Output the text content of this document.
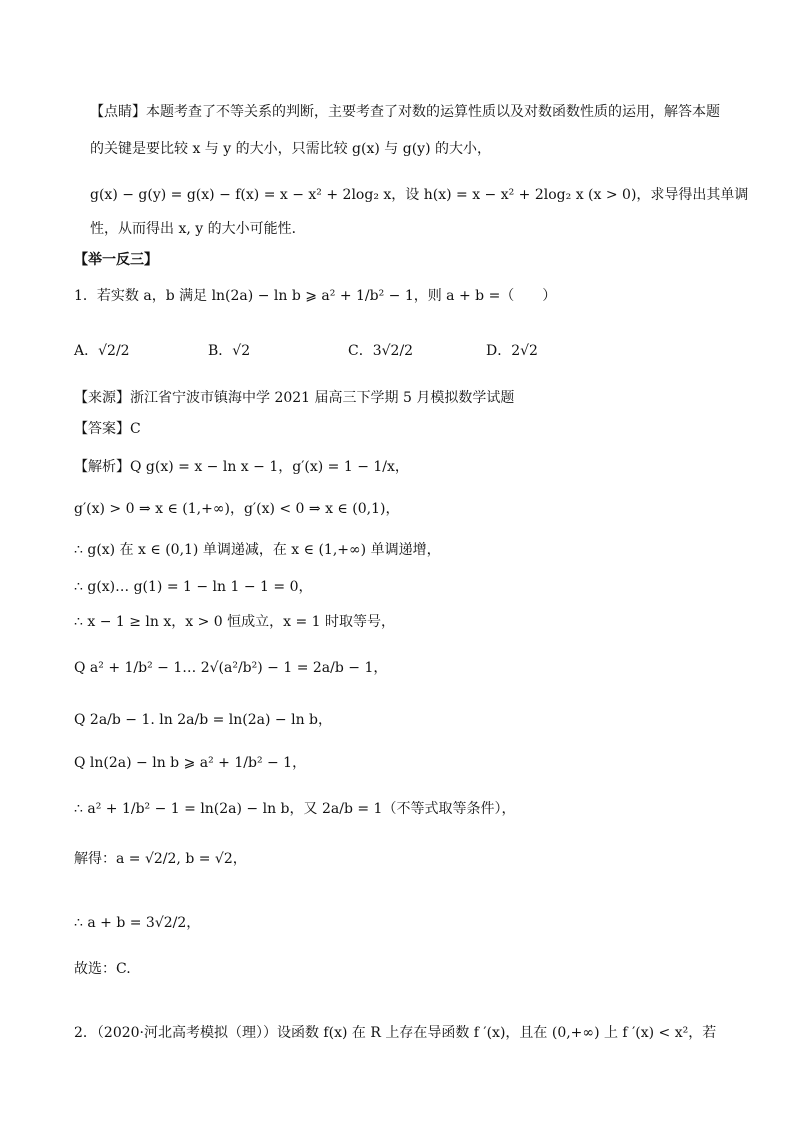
【点睛】本题考查了不等关系的判断，主要考查了对数的运算性质以及对数函数性质的运用，解答本题
的关键是要比较 x 与 y 的大小，只需比较 g(x) 与 g(y) 的大小，
g(x) − g(y) = g(x) − f(x) = x − x² + 2log₂ x，设 h(x) = x − x² + 2log₂ x (x > 0)，求导得出其单调
性，从而得出 x, y 的大小可能性．
【举一反三】
1．若实数 a，b 满足 ln(2a) − ln b ⩾ a² + 1/b² − 1，则 a + b =（　　）
A．√2/2	B．√2	C．3√2/2	D．2√2
【来源】浙江省宁波市镇海中学 2021 届高三下学期 5 月模拟数学试题
【答案】C
【解析】Q g(x) = x − ln x − 1，g′(x) = 1 − 1/x，
g′(x) > 0 ⇒ x ∈ (1,+∞)，g′(x) < 0 ⇒ x ∈ (0,1)，
∴ g(x) 在 x ∈ (0,1) 单调递减，在 x ∈ (1,+∞) 单调递增，
∴ g(x)… g(1) = 1 − ln 1 − 1 = 0，
∴ x − 1 ≥ ln x，x > 0 恒成立，x = 1 时取等号，
Q a² + 1/b² − 1… 2√(a²/b²) − 1 = 2a/b − 1，
Q 2a/b − 1. ln 2a/b = ln(2a) − ln b，
Q ln(2a) − ln b ⩾ a² + 1/b² − 1，
∴ a² + 1/b² − 1 = ln(2a) − ln b，又 2a/b = 1（不等式取等条件），
解得：a = √2/2, b = √2，
∴ a + b = 3√2/2，
故选：C.
2．（2020·河北高考模拟（理））设函数 f(x) 在 R 上存在导函数 f ′(x)，且在 (0,+∞) 上 f ′(x) < x²，若
